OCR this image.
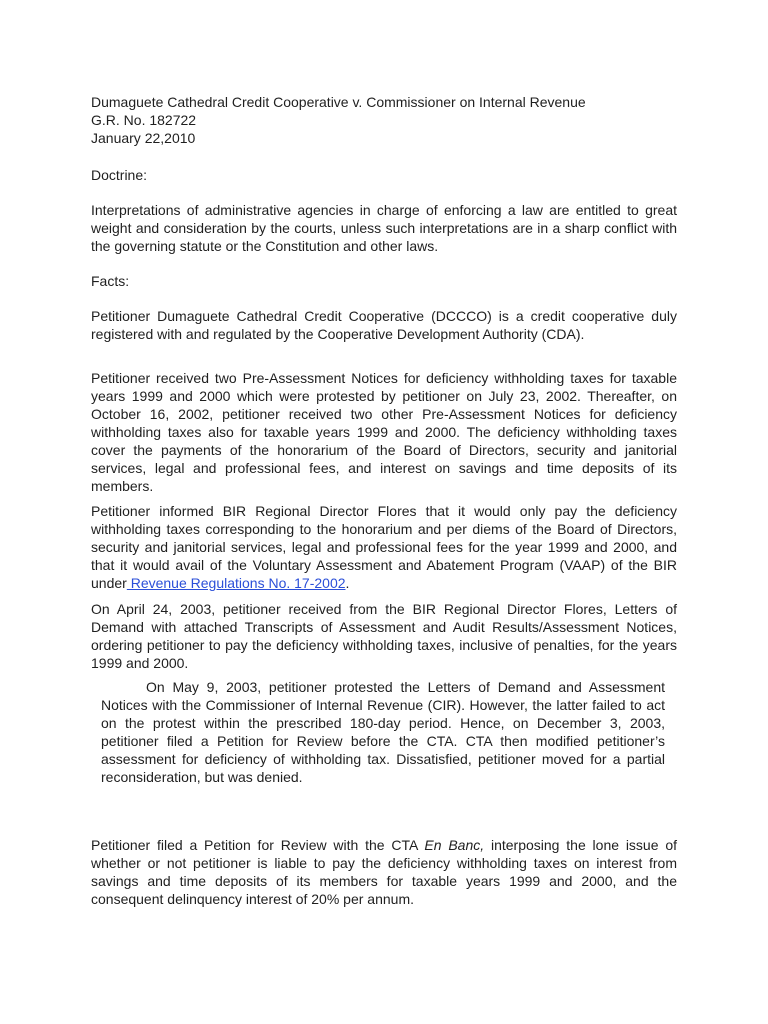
Dumaguete Cathedral Credit Cooperative v. Commissioner on Internal Revenue
G.R. No. 182722
January 22,2010

Doctrine:

Interpretations of administrative agencies in charge of enforcing a law are entitled to great weight and consideration by the courts, unless such interpretations are in a sharp conflict with the governing statute or the Constitution and other laws.

Facts:

Petitioner Dumaguete Cathedral Credit Cooperative (DCCCO) is a credit cooperative duly registered with and regulated by the Cooperative Development Authority (CDA).

Petitioner received two Pre-Assessment Notices for deficiency withholding taxes for taxable years 1999 and 2000 which were protested by petitioner on July 23, 2002. Thereafter, on October 16, 2002, petitioner received two other Pre-Assessment Notices for deficiency withholding taxes also for taxable years 1999 and 2000. The deficiency withholding taxes cover the payments of the honorarium of the Board of Directors, security and janitorial services, legal and professional fees, and interest on savings and time deposits of its members.

Petitioner informed BIR Regional Director Flores that it would only pay the deficiency withholding taxes corresponding to the honorarium and per diems of the Board of Directors, security and janitorial services, legal and professional fees for the year 1999 and 2000, and that it would avail of the Voluntary Assessment and Abatement Program (VAAP) of the BIR under Revenue Regulations No. 17-2002.

On April 24, 2003, petitioner received from the BIR Regional Director Flores, Letters of Demand with attached Transcripts of Assessment and Audit Results/Assessment Notices, ordering petitioner to pay the deficiency withholding taxes, inclusive of penalties, for the years 1999 and 2000.

On May 9, 2003, petitioner protested the Letters of Demand and Assessment Notices with the Commissioner of Internal Revenue (CIR). However, the latter failed to act on the protest within the prescribed 180-day period. Hence, on December 3, 2003, petitioner filed a Petition for Review before the CTA. CTA then modified petitioner’s assessment for deficiency of withholding tax. Dissatisfied, petitioner moved for a partial reconsideration, but was denied.

Petitioner filed a Petition for Review with the CTA En Banc, interposing the lone issue of whether or not petitioner is liable to pay the deficiency withholding taxes on interest from savings and time deposits of its members for taxable years 1999 and 2000, and the consequent delinquency interest of 20% per annum.
